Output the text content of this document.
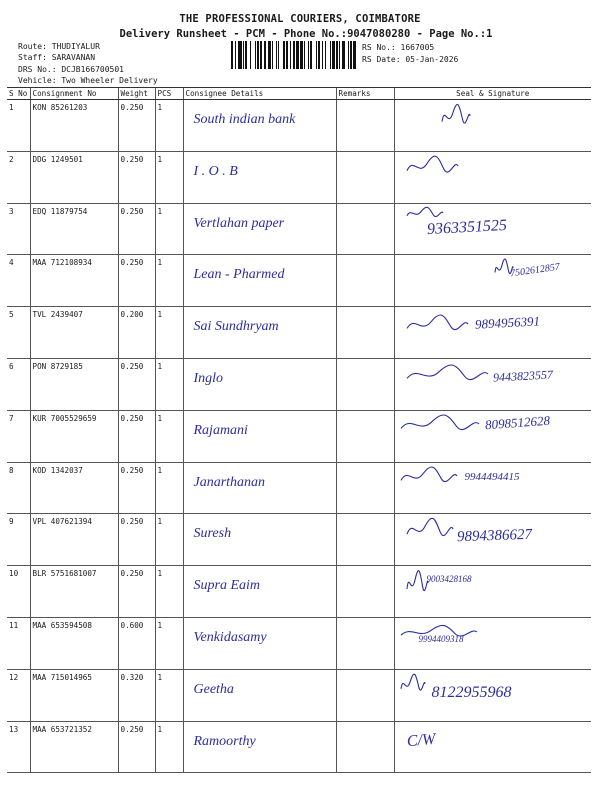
THE PROFESSIONAL COURIERS, COIMBATORE
Delivery Runsheet - PCM - Phone No.:9047080280 - Page No.:1
Route: THUDIYALUR
Staff: SARAVANAN
DRS No.: DCJB166700501
Vehicle: Two Wheeler Delivery
RS No.: 1667005
RS Date: 05-Jan-2026
S No	Consignment No	Weight	PCS	Consignee Details	Remarks	Seal & Signature
1	KON 85261203	0.250	1	South indian bank		

2	DDG 1249501	0.250	1	I . O . B		

3	EDQ 11879754	0.250	1	Vertlahan paper		9363351525

4	MAA 712108934	0.250	1	Lean - Pharmed		7502612857

5	TVL 2439407	0.200	1	Sai Sundhryam		9894956391

6	PON 8729185	0.250	1	Inglo		9443823557

7	KUR 7005529659	0.250	1	Rajamani		8098512628

8	KOD 1342037	0.250	1	Janarthanan		9944494415

9	VPL 407621394	0.250	1	Suresh		9894386627

10	BLR 5751681007	0.250	1	Supra Eaim		9003428168

11	MAA 653594508	0.600	1	Venkidasamy		9994409318

12	MAA 715014965	0.320	1	Geetha		8122955968

13	MAA 653721352	0.250	1	Ramoorthy		C/W
